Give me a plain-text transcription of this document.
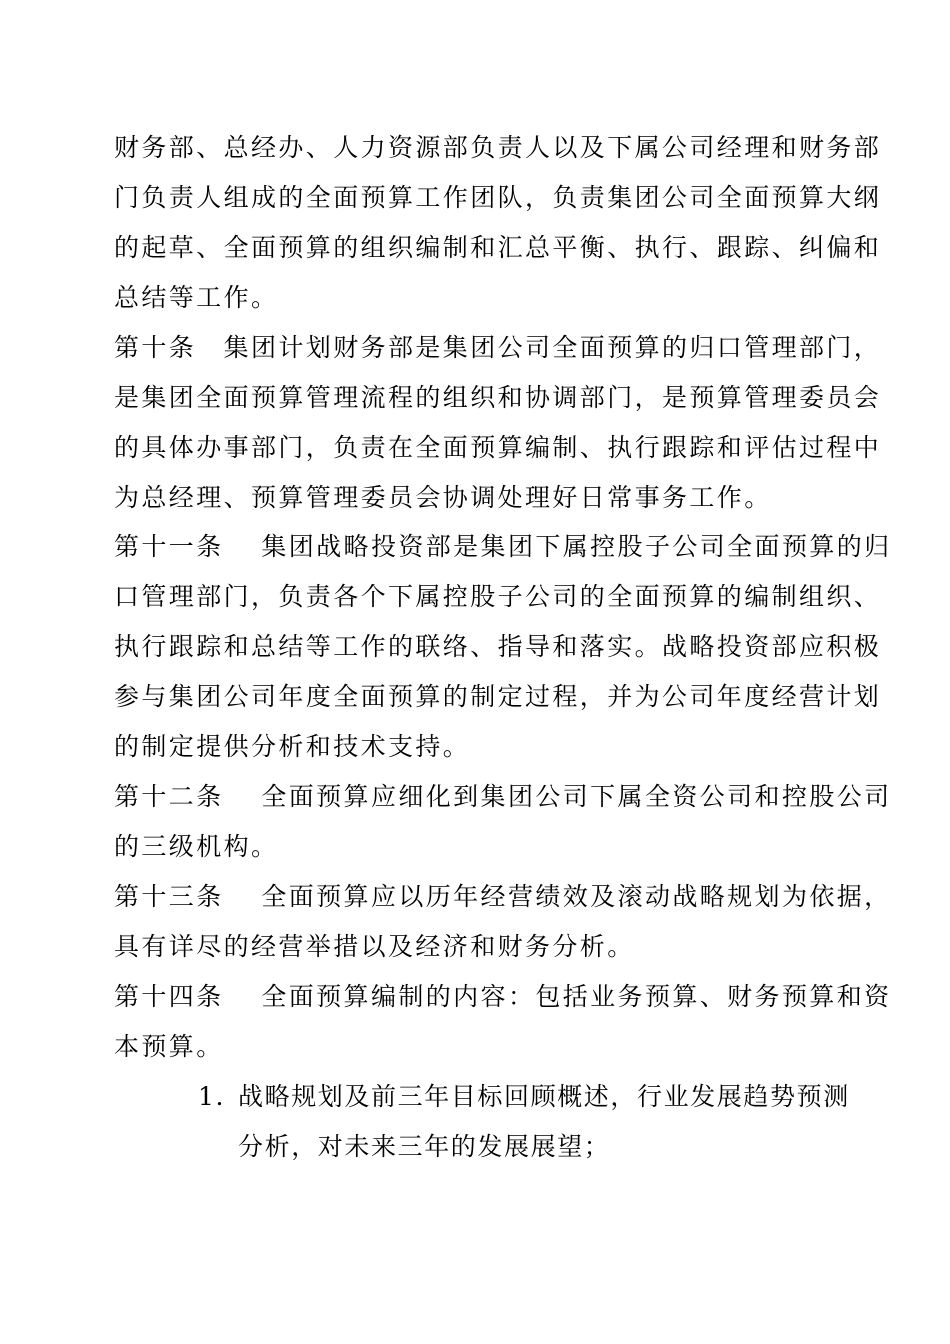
财务部、总经办、人力资源部负责人以及下属公司经理和财务部
门负责人组成的全面预算工作团队，负责集团公司全面预算大纲
的起草、全面预算的组织编制和汇总平衡、执行、跟踪、纠偏和
总结等工作。
第十条　集团计划财务部是集团公司全面预算的归口管理部门，
是集团全面预算管理流程的组织和协调部门，是预算管理委员会
的具体办事部门，负责在全面预算编制、执行跟踪和评估过程中
为总经理、预算管理委员会协调处理好日常事务工作。
第十一条　 集团战略投资部是集团下属控股子公司全面预算的归
口管理部门，负责各个下属控股子公司的全面预算的编制组织、
执行跟踪和总结等工作的联络、指导和落实。战略投资部应积极
参与集团公司年度全面预算的制定过程，并为公司年度经营计划
的制定提供分析和技术支持。
第十二条　 全面预算应细化到集团公司下属全资公司和控股公司
的三级机构。
第十三条　 全面预算应以历年经营绩效及滚动战略规划为依据，
具有详尽的经营举措以及经济和财务分析。
第十四条　 全面预算编制的内容：包括业务预算、财务预算和资
本预算。
1. 战略规划及前三年目标回顾概述，行业发展趋势预测
分析，对未来三年的发展展望；
